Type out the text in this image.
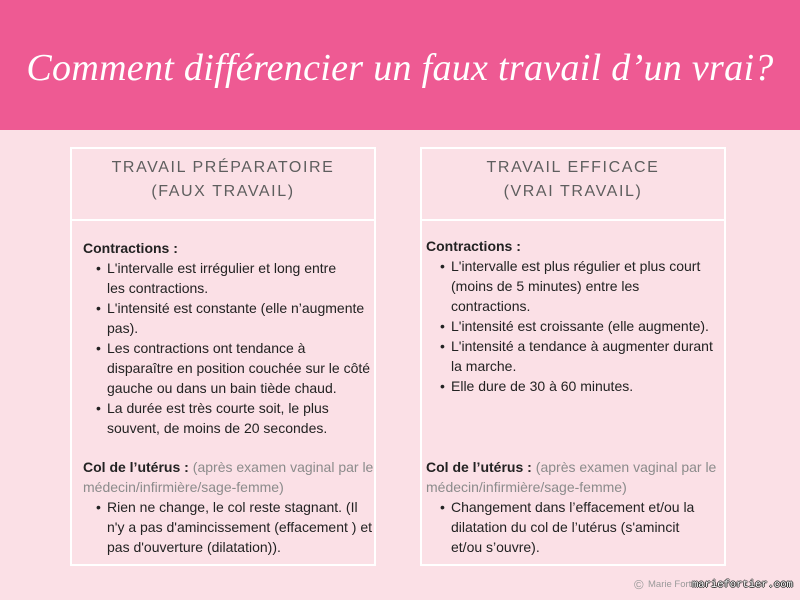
Comment différencier un faux travail d’un vrai?
TRAVAIL PRÉPARATOIRE
(FAUX TRAVAIL)
Contractions :
• L'intervalle est irrégulier et long entre
les contractions.
• L'intensité est constante (elle n’augmente
pas).
• Les contractions ont tendance à
disparaître en position couchée sur le côté
gauche ou dans un bain tiède chaud.
• La durée est très courte soit, le plus
souvent, de moins de 20 secondes.
Col de l’utérus : (après examen vaginal par le
médecin/infirmière/sage-femme)
• Rien ne change, le col reste stagnant. (Il
n'y a pas d'amincissement (effacement ) et
pas d'ouverture (dilatation)).
TRAVAIL EFFICACE
(VRAI TRAVAIL)
Contractions :
• L'intervalle est plus régulier et plus court
(moins de 5 minutes) entre les
contractions.
• L'intensité est croissante (elle augmente).
• L'intensité a tendance à augmenter durant
la marche.
• Elle dure de 30 à 60 minutes.
Col de l’utérus : (après examen vaginal par le
médecin/infirmière/sage-femme)
• Changement dans l’effacement et/ou la
dilatation du col de l’utérus (s'amincit
et/ou s’ouvre).
© Marie Forti
mariefortier.com
